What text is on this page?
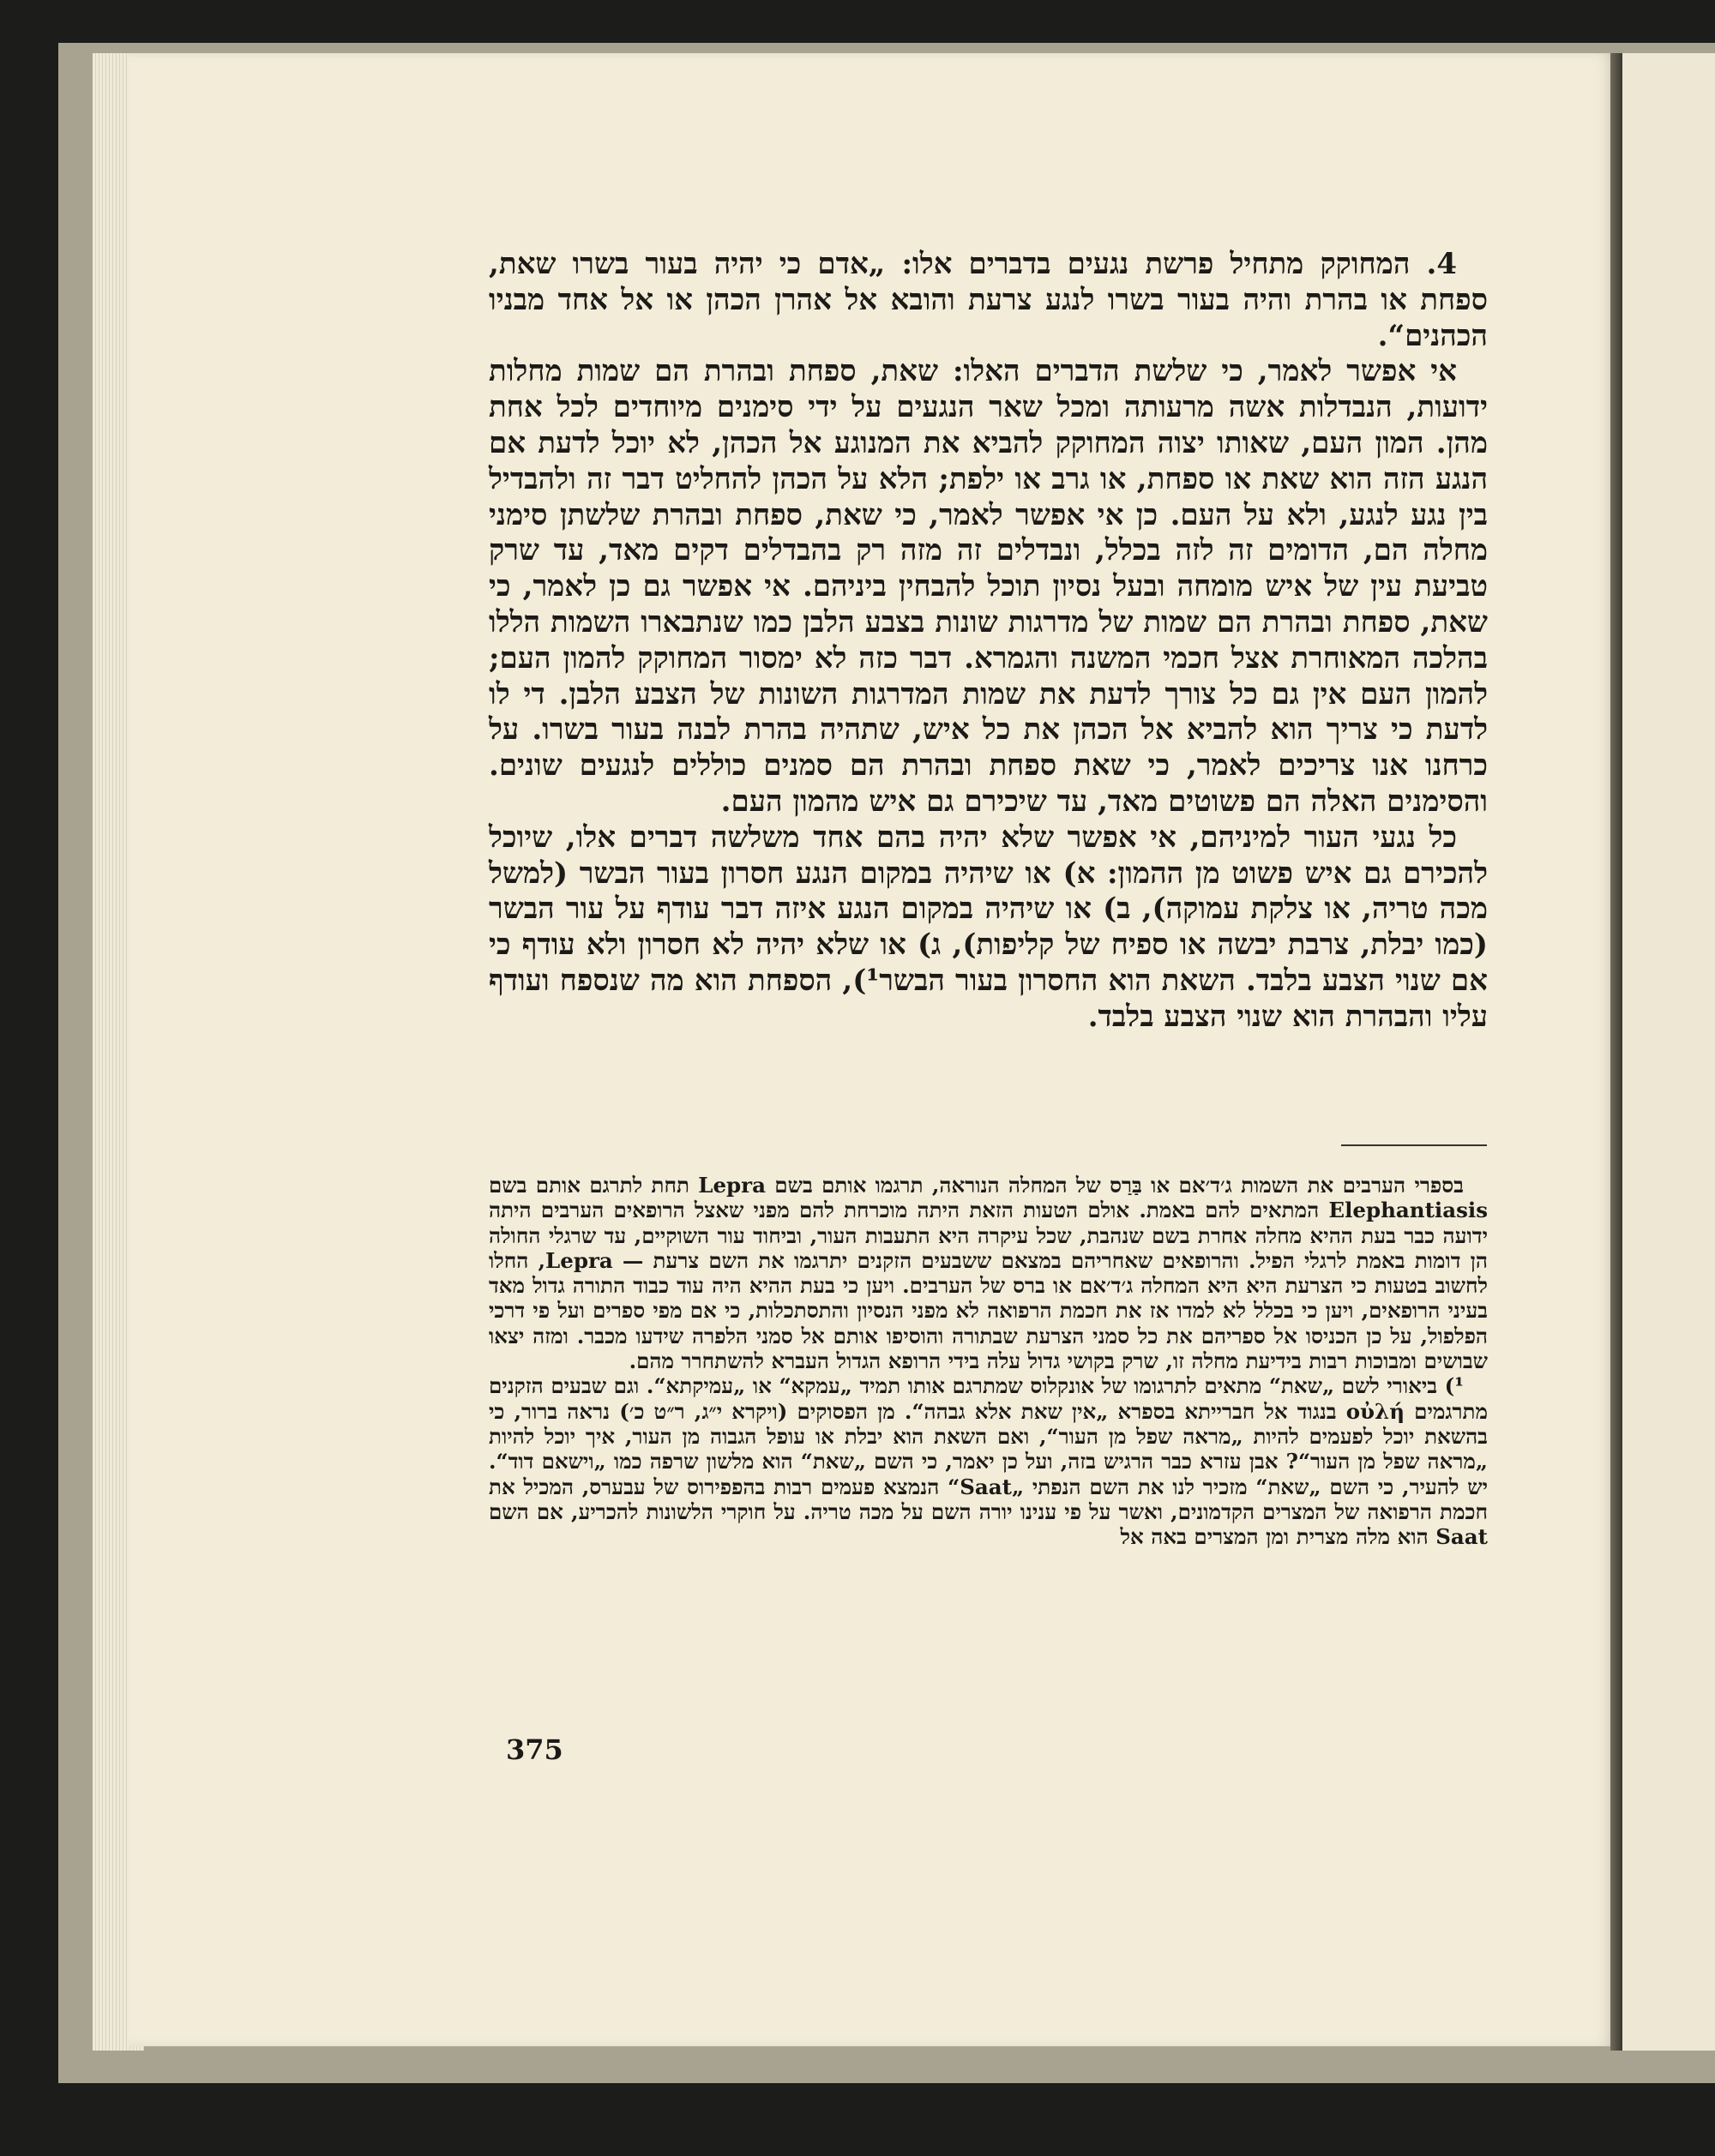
4. המחוקק מתחיל פרשת נגעים בדברים אלו: „אדם כי יהיה בעור בשרו שאת, ספחת או בהרת והיה בעור בשרו לנגע צרעת והובא אל אהרן הכהן או אל אחד מבניו הכהנים“.

אי אפשר לאמר, כי שלשת הדברים האלו: שאת, ספחת ובהרת הם שמות מחלות ידועות, הנבדלות אשה מרעותה ומכל שאר הנגעים על ידי סימנים מיוחדים לכל אחת מהן. המון העם, שאותו יצוה המחוקק להביא את המנוגע אל הכהן, לא יוכל לדעת אם הנגע הזה הוא שאת או ספחת, או גרב או ילפת; הלא על הכהן להחליט דבר זה ולהבדיל בין נגע לנגע, ולא על העם. כן אי אפשר לאמר, כי שאת, ספחת ובהרת שלשתן סימני מחלה הם, הדומים זה לזה בכלל, ונבדלים זה מזה רק בהבדלים דקים מאד, עד שרק טביעת עין של איש מומחה ובעל נסיון תוכל להבחין ביניהם. אי אפשר גם כן לאמר, כי שאת, ספחת ובהרת הם שמות של מדרגות שונות בצבע הלבן כמו שנתבארו השמות הללו בהלכה המאוחרת אצל חכמי המשנה והגמרא. דבר כזה לא ימסור המחוקק להמון העם; להמון העם אין גם כל צורך לדעת את שמות המדרגות השונות של הצבע הלבן. די לו לדעת כי צריך הוא להביא אל הכהן את כל איש, שתהיה בהרת לבנה בעור בשרו. על כרחנו אנו צריכים לאמר, כי שאת ספחת ובהרת הם סמנים כוללים לנגעים שונים. והסימנים האלה הם פשוטים מאד, עד שיכירם גם איש מהמון העם.

כל נגעי העור למיניהם, אי אפשר שלא יהיה בהם אחד משלשה דברים אלו, שיוכל להכירם גם איש פשוט מן ההמון: א) או שיהיה במקום הנגע חסרון בעור הבשר (למשל מכה טריה, או צלקת עמוקה), ב) או שיהיה במקום הנגע איזה דבר עודף על עור הבשר (כמו יבלת, צרבת יבשה או ספיח של קליפות), ג) או שלא יהיה לא חסרון ולא עודף כי אם שנוי הצבע בלבד. השאת הוא החסרון בעור הבשר¹), הספחת הוא מה שנספח ועודף עליו והבהרת הוא שנוי הצבע בלבד.

בספרי הערבים את השמות ג׳ד׳אם או בַּרַס של המחלה הנוראה, תרגמו אותם בשם Lepra תחת לתרגם אותם בשם Elephantiasis המתאים להם באמת. אולם הטעות הזאת היתה מוכרחת להם מפני שאצל הרופאים הערבים היתה ידועה כבר בעת ההיא מחלה אחרת בשם שנהבת, שכל עיקרה היא התעבות העור, וביחוד עור השוקיים, עד שרגלי החולה הן דומות באמת לרגלי הפיל. והרופאים שאחריהם במצאם ששבעים הזקנים יתרגמו את השם צרעת — Lepra, החלו לחשוב בטעות כי הצרעת היא היא המחלה ג׳ד׳אם או ברס של הערבים. ויען כי בעת ההיא היה עוד כבוד התורה גדול מאד בעיני הרופאים, ויען כי בכלל לא למדו אז את חכמת הרפואה לא מפני הנסיון והתסתכלות, כי אם מפי ספרים ועל פי דרכי הפלפול, על כן הכניסו אל ספריהם את כל סמני הצרעת שבתורה והוסיפו אותם אל סמני הלפרה שידעו מכבר. ומזה יצאו שבושים ומבוכות רבות בידיעת מחלה זו, שרק בקושי גדול עלה בידי הרופא הגדול העברא להשתחרר מהם.

¹) ביאורי לשם „שאת“ מתאים לתרגומו של אונקלוס שמתרגם אותו תמיד „עמקא“ או „עמיקתא“. וגם שבעים הזקנים מתרגמים οὐλή בנגוד אל חברייתא בספרא „אין שאת אלא גבהה“. מן הפסוקים (ויקרא י״ג, ר״ט כ׳) נראה ברור, כי בהשאת יוכל לפעמים להיות „מראה שפל מן העור“, ואם השאת הוא יבלת או עופל הגבוה מן העור, איך יוכל להיות „מראה שפל מן העור“? אבן עזרא כבר הרגיש בזה, ועל כן יאמר, כי השם „שאת“ הוא מלשון שרפה כמו „וישאם דוד“. יש להעיר, כי השם „שאת“ מזכיר לנו את השם הנפתי „Saat“ הנמצא פעמים רבות בהפפירוס של עבערס, המכיל את חכמת הרפואה של המצרים הקדמונים, ואשר על פי ענינו יורה השם על מכה טריה. על חוקרי הלשונות להכריע, אם השם Saat הוא מלה מצרית ומן המצרים באה אל

375
